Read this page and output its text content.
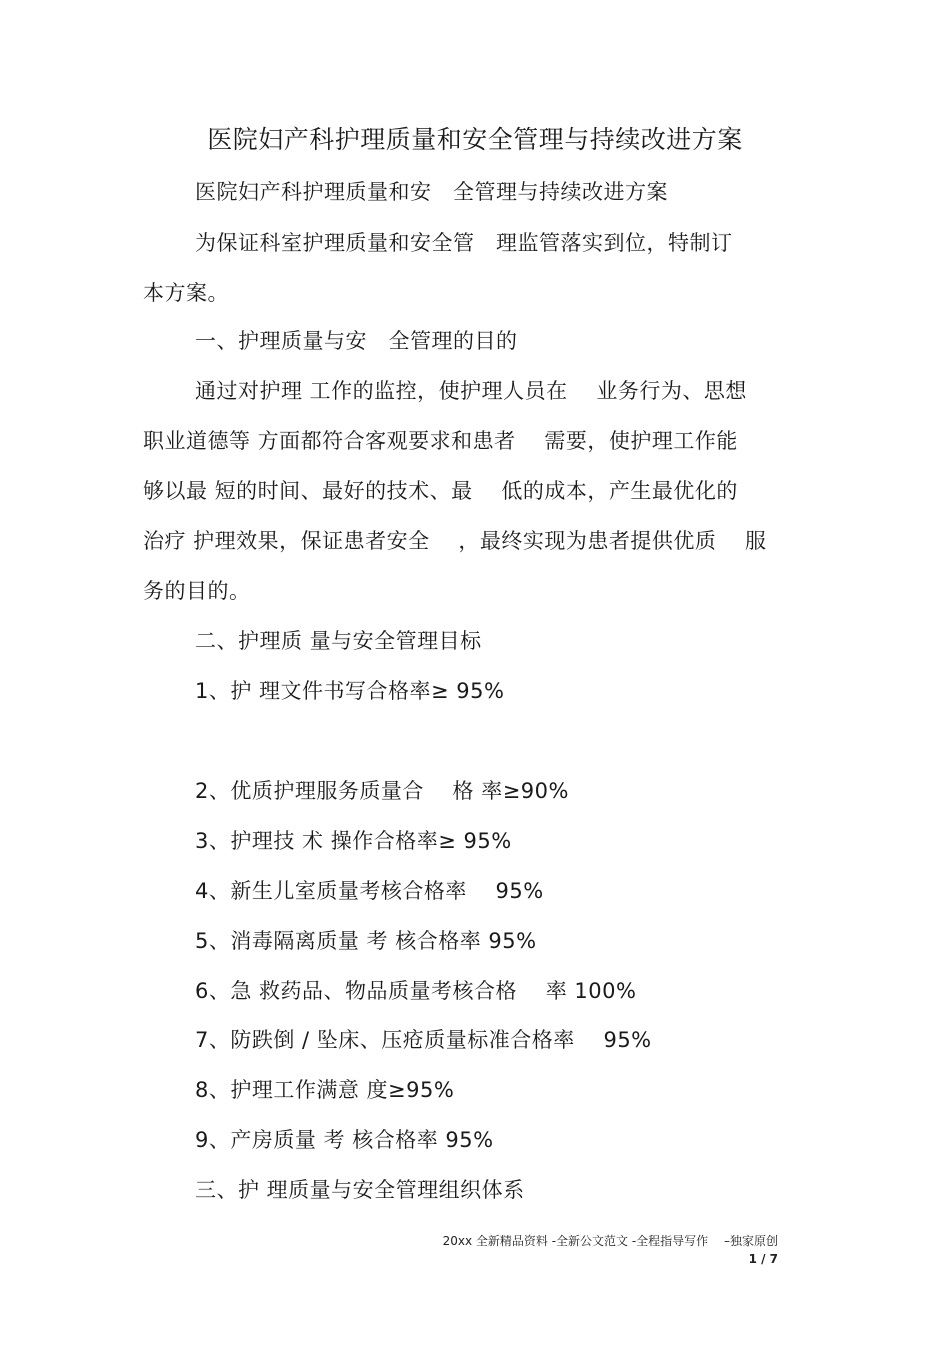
医院妇产科护理质量和安全管理与持续改进方案
医院妇产科护理质量和安　全管理与持续改进方案
为保证科室护理质量和安全管　理监管落实到位，特制订
本方案。
一、护理质量与安　全管理的目的
通过对护理 工作的监控，使护理人员在　 业务行为、思想
职业道德等 方面都符合客观要求和患者　 需要，使护理工作能
够以最 短的时间、最好的技术、最　 低的成本，产生最优化的
治疗 护理效果，保证患者安全　 ，最终实现为患者提供优质　 服
务的目的。
二、护理质 量与安全管理目标
1、护 理文件书写合格率≥ 95%
2、优质护理服务质量合　 格 率≥90%
3、护理技 术 操作合格率≥ 95%
4、新生儿室质量考核合格率　 95%
5、消毒隔离质量 考 核合格率 95%
6、急 救药品、物品质量考核合格　 率 100%
7、防跌倒 / 坠床、压疮质量标准合格率　 95%
8、护理工作满意 度≥95%
9、产房质量 考 核合格率 95%
三、护 理质量与安全管理组织体系
20xx 全新精品资料 -全新公文范文 -全程指导写作　 –独家原创
1 / 7
